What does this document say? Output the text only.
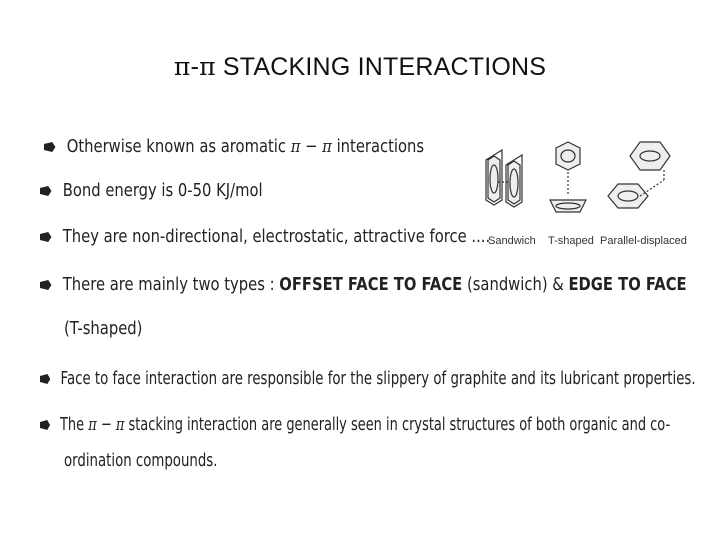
π-π STACKING INTERACTIONS
Otherwise known as aromatic π − π interactions
Bond energy is 0-50 KJ/mol
They are non-directional, electrostatic, attractive force ....
There are mainly two types : OFFSET FACE TO FACE (sandwich) & EDGE TO FACE
(T-shaped)
Face to face interaction are responsible for the slippery of graphite and its lubricant properties.
The π − π stacking interaction are generally seen in crystal structures of both organic and co-
ordination compounds.
Sandwich T-shaped Parallel-displaced
